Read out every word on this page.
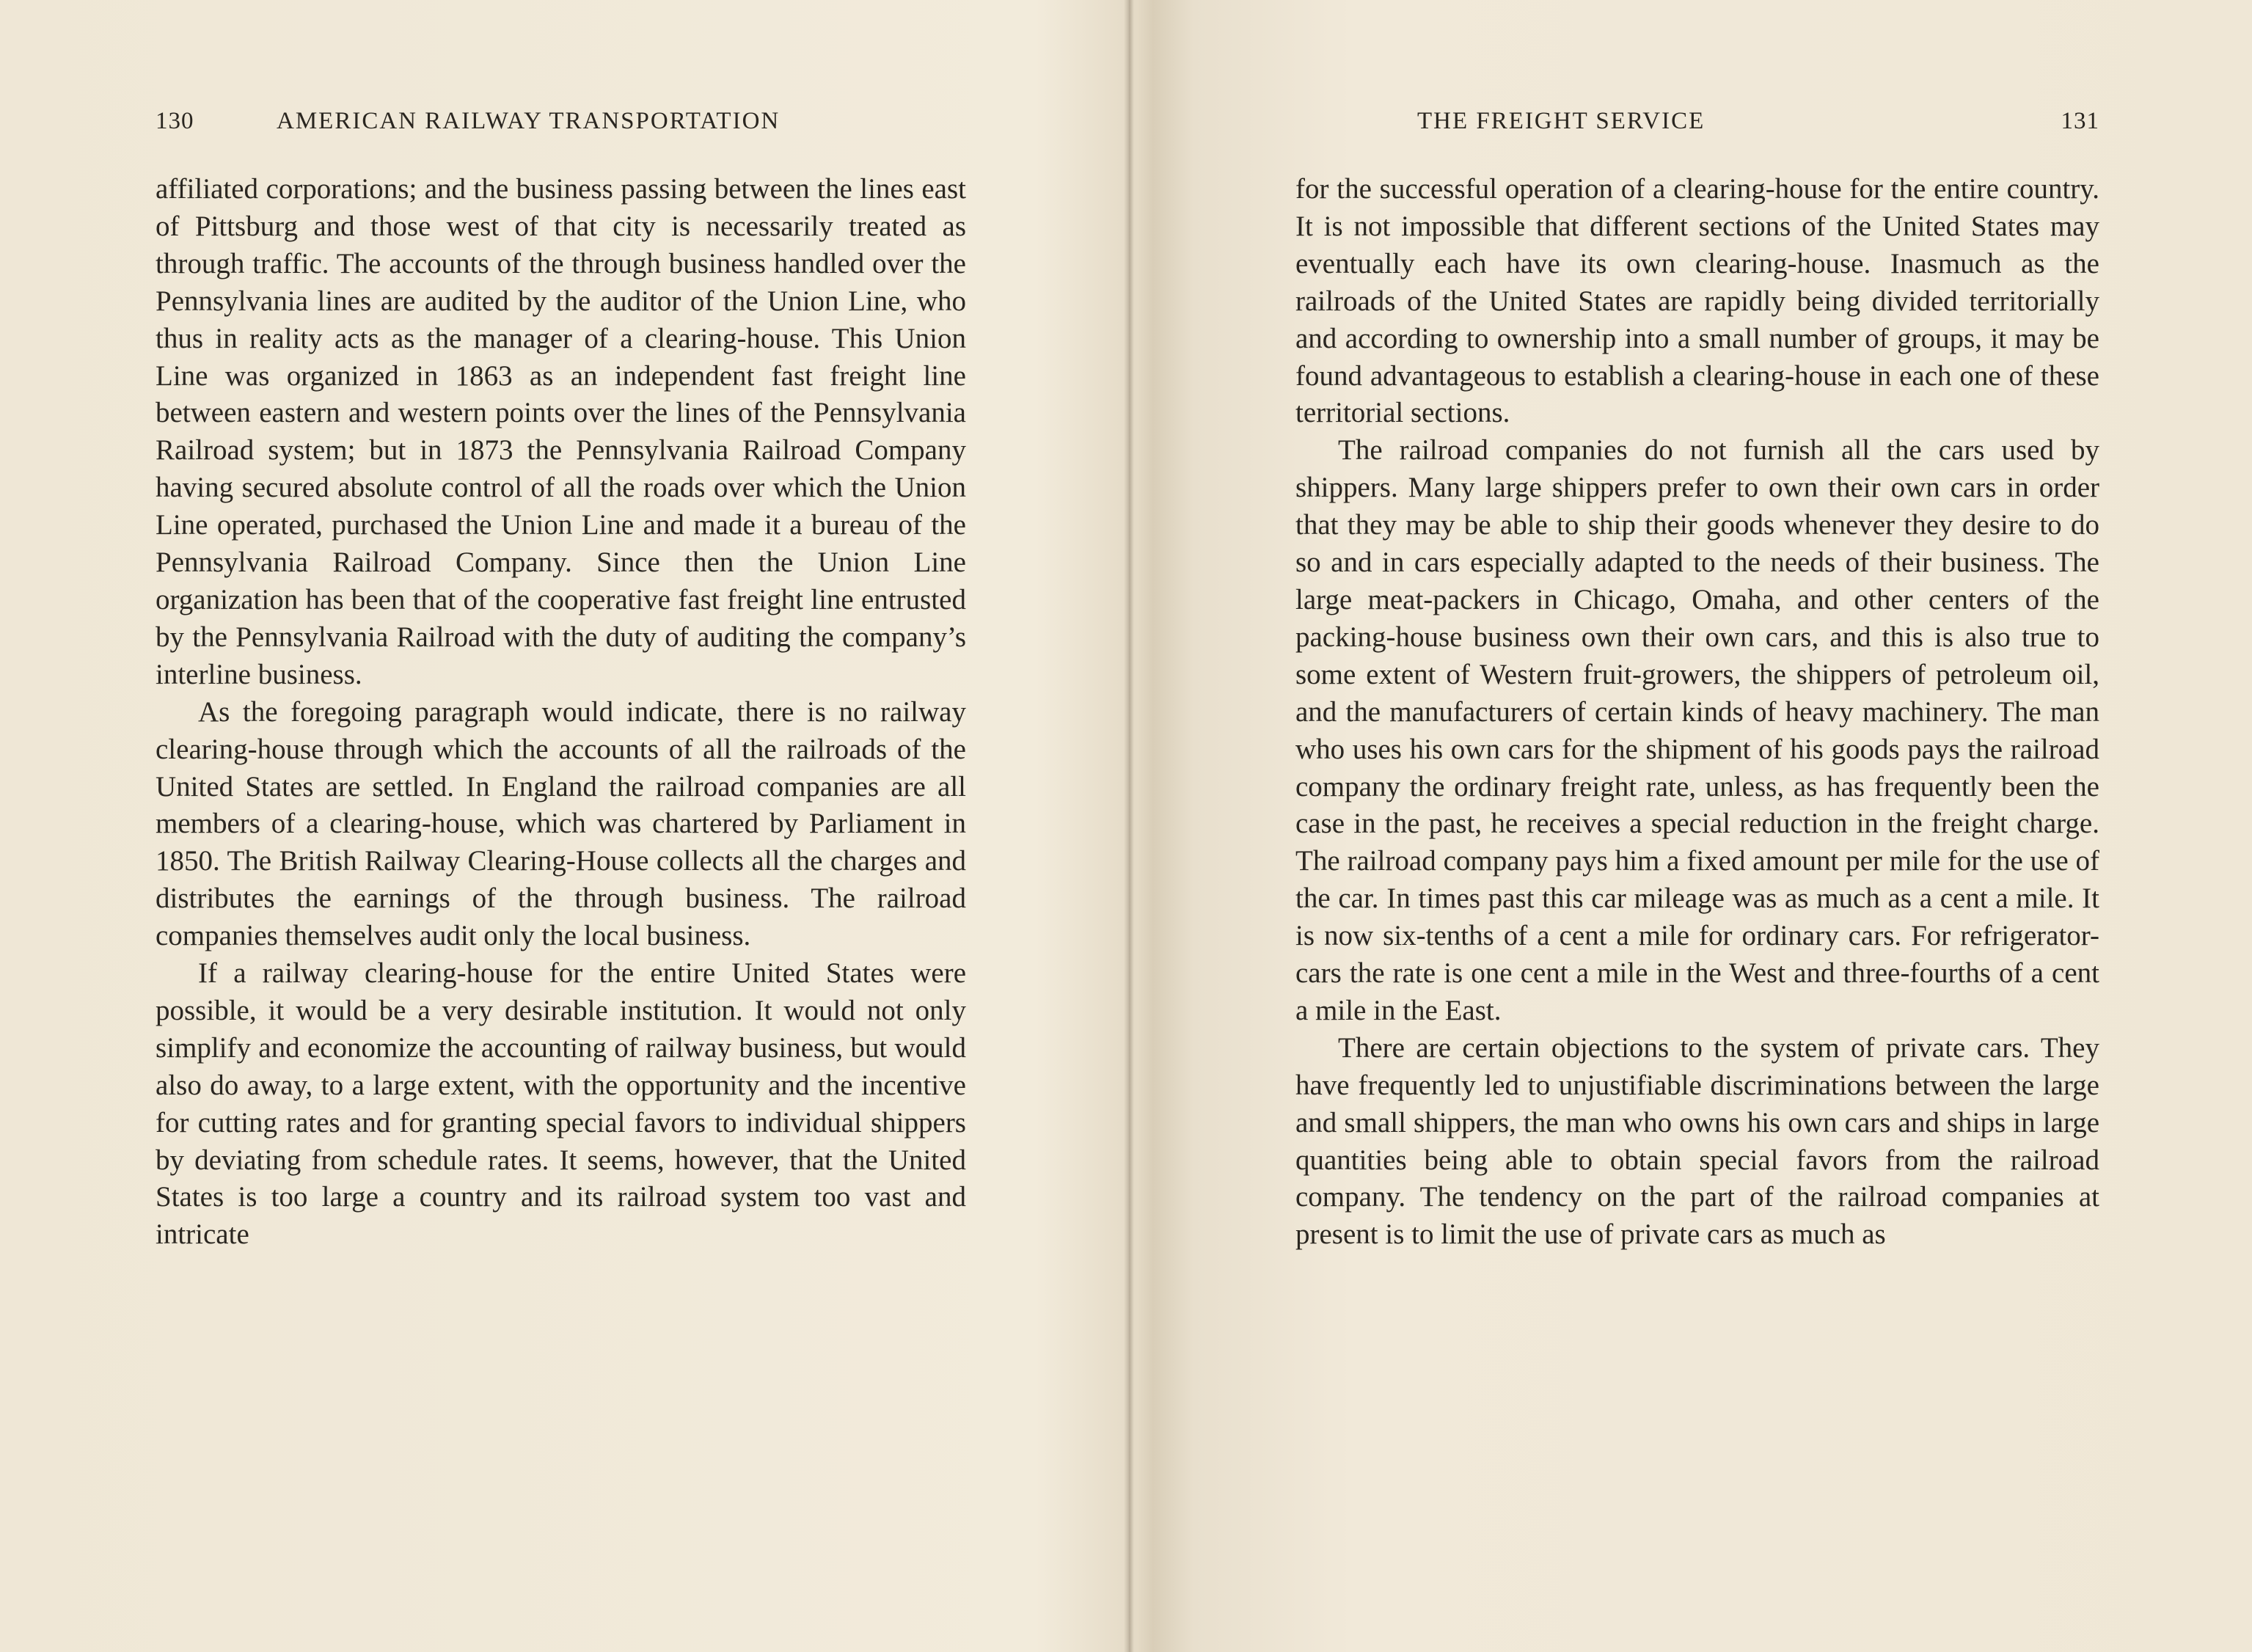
130	AMERICAN RAILWAY TRANSPORTATION

affiliated corporations; and the business passing between the lines east of Pittsburg and those west of that city is necessarily treated as through traffic. The accounts of the through business handled over the Pennsylvania lines are audited by the auditor of the Union Line, who thus in reality acts as the manager of a clearing-house. This Union Line was organized in 1863 as an independent fast freight line between eastern and western points over the lines of the Pennsylvania Railroad system; but in 1873 the Pennsylvania Railroad Company having secured absolute control of all the roads over which the Union Line operated, purchased the Union Line and made it a bureau of the Pennsylvania Railroad Company. Since then the Union Line organization has been that of the cooperative fast freight line entrusted by the Pennsylvania Railroad with the duty of auditing the company’s interline business.

As the foregoing paragraph would indicate, there is no railway clearing-house through which the accounts of all the railroads of the United States are settled. In England the railroad companies are all members of a clearing-house, which was chartered by Parliament in 1850. The British Railway Clearing-House collects all the charges and distributes the earnings of the through business. The railroad companies themselves audit only the local business.

If a railway clearing-house for the entire United States were possible, it would be a very desirable institution. It would not only simplify and economize the accounting of railway business, but would also do away, to a large extent, with the opportunity and the incentive for cutting rates and for granting special favors to individual shippers by deviating from schedule rates. It seems, however, that the United States is too large a country and its railroad system too vast and intricate

THE FREIGHT SERVICE	131

for the successful operation of a clearing-house for the entire country. It is not impossible that different sections of the United States may eventually each have its own clearing-house. Inasmuch as the railroads of the United States are rapidly being divided territorially and according to ownership into a small number of groups, it may be found advantageous to establish a clearing-house in each one of these territorial sections.

The railroad companies do not furnish all the cars used by shippers. Many large shippers prefer to own their own cars in order that they may be able to ship their goods whenever they desire to do so and in cars especially adapted to the needs of their business. The large meat-packers in Chicago, Omaha, and other centers of the packing-house business own their own cars, and this is also true to some extent of Western fruit-growers, the shippers of petroleum oil, and the manufacturers of certain kinds of heavy machinery. The man who uses his own cars for the shipment of his goods pays the railroad company the ordinary freight rate, unless, as has frequently been the case in the past, he receives a special reduction in the freight charge. The railroad company pays him a fixed amount per mile for the use of the car. In times past this car mileage was as much as a cent a mile. It is now six-tenths of a cent a mile for ordinary cars. For refrigerator-cars the rate is one cent a mile in the West and three-fourths of a cent a mile in the East.

There are certain objections to the system of private cars. They have frequently led to unjustifiable discriminations between the large and small shippers, the man who owns his own cars and ships in large quantities being able to obtain special favors from the railroad company. The tendency on the part of the railroad companies at present is to limit the use of private cars as much as
